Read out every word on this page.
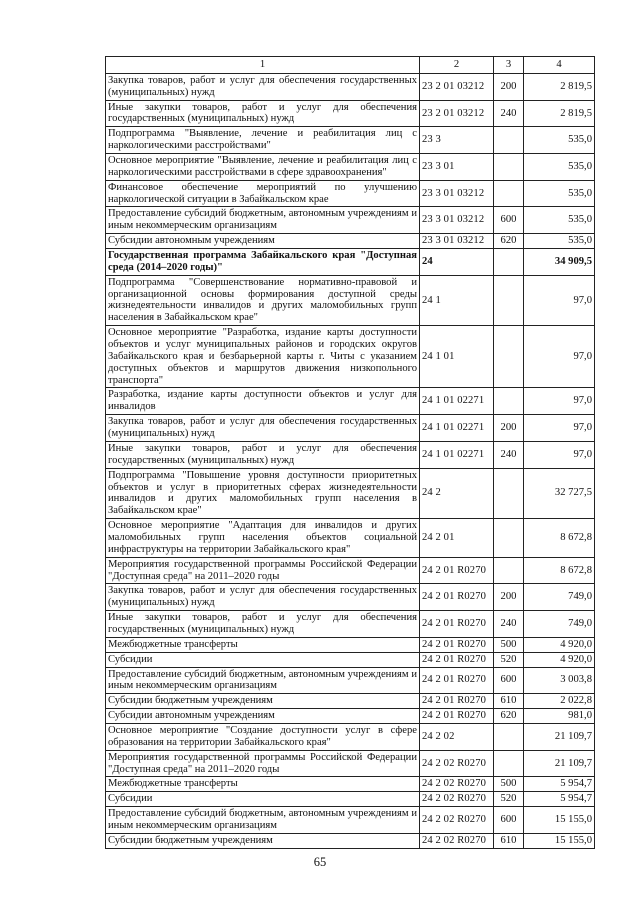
1	2	3	4
Закупка товаров, работ и услуг для обеспечения государственных (муниципальных) нужд	23 2 01 03212	200	2 819,5
Иные закупки товаров, работ и услуг для обеспечения государственных (муниципальных) нужд	23 2 01 03212	240	2 819,5
Подпрограмма "Выявление, лечение и реабилитация лиц с наркологическими расстройствами"	23 3		535,0
Основное мероприятие "Выявление, лечение и реабилитация лиц с наркологическими расстройствами в сфере здравоохранения"	23 3 01		535,0
Финансовое обеспечение мероприятий по улучшению наркологической ситуации в Забайкальском крае	23 3 01 03212		535,0
Предоставление субсидий бюджетным, автономным учреждениям и иным некоммерческим организациям	23 3 01 03212	600	535,0
Субсидии автономным учреждениям	23 3 01 03212	620	535,0
Государственная программа Забайкальского края "Доступная среда (2014–2020 годы)"	24		34 909,5
Подпрограмма "Совершенствование нормативно-правовой и организационной основы формирования доступной среды жизнедеятельности инвалидов и других маломобильных групп населения в Забайкальском крае"	24 1		97,0
Основное мероприятие "Разработка, издание карты доступности объектов и услуг муниципальных районов и городских округов Забайкальского края и безбарьерной карты г. Читы с указанием доступных объектов и маршрутов движения низкопольного транспорта"	24 1 01		97,0
Разработка, издание карты доступности объектов и услуг для инвалидов	24 1 01 02271		97,0
Закупка товаров, работ и услуг для обеспечения государственных (муниципальных) нужд	24 1 01 02271	200	97,0
Иные закупки товаров, работ и услуг для обеспечения государственных (муниципальных) нужд	24 1 01 02271	240	97,0
Подпрограмма "Повышение уровня доступности приоритетных объектов и услуг в приоритетных сферах жизнедеятельности инвалидов и других маломобильных групп населения в Забайкальском крае"	24 2		32 727,5
Основное мероприятие "Адаптация для инвалидов и других маломобильных групп населения объектов социальной инфраструктуры на территории Забайкальского края"	24 2 01		8 672,8
Мероприятия государственной программы Российской Федерации "Доступная среда" на 2011–2020 годы	24 2 01 R0270		8 672,8
Закупка товаров, работ и услуг для обеспечения государственных (муниципальных) нужд	24 2 01 R0270	200	749,0
Иные закупки товаров, работ и услуг для обеспечения государственных (муниципальных) нужд	24 2 01 R0270	240	749,0
Межбюджетные трансферты	24 2 01 R0270	500	4 920,0
Субсидии	24 2 01 R0270	520	4 920,0
Предоставление субсидий бюджетным, автономным учреждениям и иным некоммерческим организациям	24 2 01 R0270	600	3 003,8
Субсидии бюджетным учреждениям	24 2 01 R0270	610	2 022,8
Субсидии автономным учреждениям	24 2 01 R0270	620	981,0
Основное мероприятие "Создание доступности услуг в сфере образования на территории Забайкальского края"	24 2 02		21 109,7
Мероприятия государственной программы Российской Федерации "Доступная среда" на 2011–2020 годы	24 2 02 R0270		21 109,7
Межбюджетные трансферты	24 2 02 R0270	500	5 954,7
Субсидии	24 2 02 R0270	520	5 954,7
Предоставление субсидий бюджетным, автономным учреждениям и иным некоммерческим организациям	24 2 02 R0270	600	15 155,0
Субсидии бюджетным учреждениям	24 2 02 R0270	610	15 155,0
65
